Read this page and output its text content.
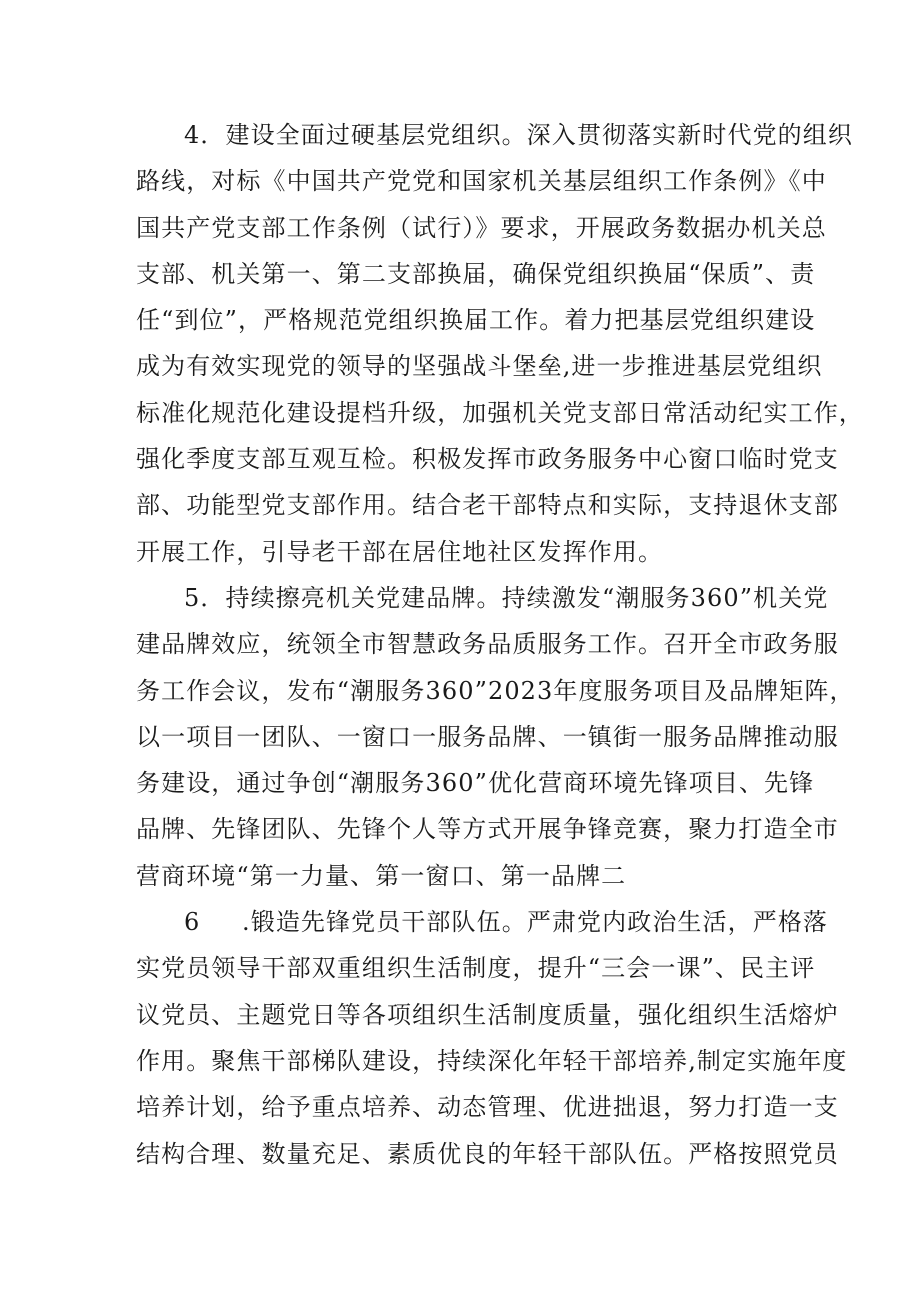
4．建设全面过硬基层党组织。深入贯彻落实新时代党的组织
路线，对标《中国共产党党和国家机关基层组织工作条例》《中
国共产党支部工作条例（试行）》要求，开展政务数据办机关总
支部、机关第一、第二支部换届，确保党组织换届“保质”、责
任“到位”，严格规范党组织换届工作。着力把基层党组织建设
成为有效实现党的领导的坚强战斗堡垒,进一步推进基层党组织
标准化规范化建设提档升级，加强机关党支部日常活动纪实工作，
强化季度支部互观互检。积极发挥市政务服务中心窗口临时党支
部、功能型党支部作用。结合老干部特点和实际，支持退休支部
开展工作，引导老干部在居住地社区发挥作用。
5．持续擦亮机关党建品牌。持续激发“潮服务360”机关党
建品牌效应，统领全市智慧政务品质服务工作。召开全市政务服
务工作会议，发布“潮服务360”2023年度服务项目及品牌矩阵，
以一项目一团队、一窗口一服务品牌、一镇街一服务品牌推动服
务建设，通过争创“潮服务360”优化营商环境先锋项目、先锋
品牌、先锋团队、先锋个人等方式开展争锋竞赛，聚力打造全市
营商环境“第一力量、第一窗口、第一品牌二
6 .锻造先锋党员干部队伍。严肃党内政治生活，严格落
实党员领导干部双重组织生活制度，提升“三会一课”、民主评
议党员、主题党日等各项组织生活制度质量，强化组织生活熔炉
作用。聚焦干部梯队建设，持续深化年轻干部培养,制定实施年度
培养计划，给予重点培养、动态管理、优进拙退，努力打造一支
结构合理、数量充足、素质优良的年轻干部队伍。严格按照党员
